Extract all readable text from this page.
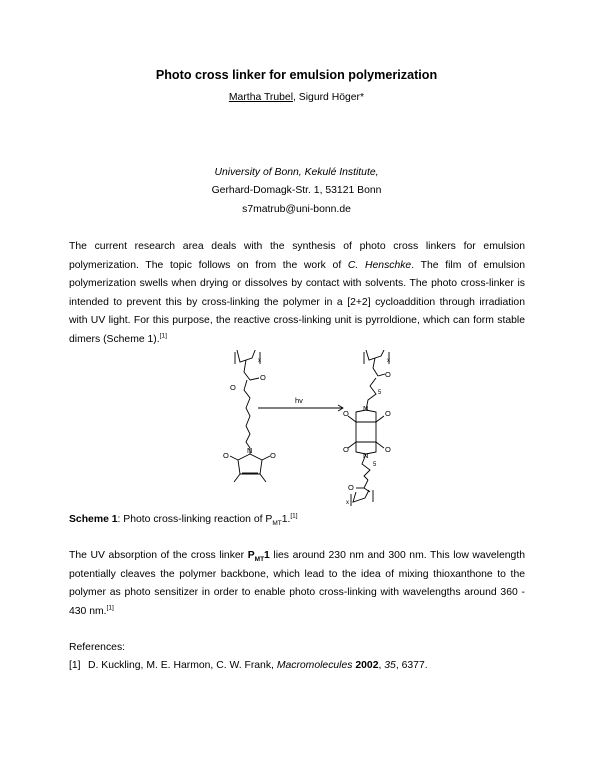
Photo cross linker for emulsion polymerization
Martha Trubel, Sigurd Höger*
University of Bonn, Kekulé Institute,
Gerhard-Domagk-Str. 1, 53121 Bonn
s7matrub@uni-bonn.de
The current research area deals with the synthesis of photo cross linkers for emulsion polymerization. The topic follows on from the work of C. Henschke. The film of emulsion polymerization swells when drying or dissolves by contact with solvents. The photo cross-linker is intended to prevent this by cross-linking the polymer in a [2+2] cycloaddition through irradiation with UV light. For this purpose, the reactive cross-linking unit is pyrroldione, which can form stable dimers (Scheme 1).[1]
O
O
N
O	O
x
hv
x
O
5
N
O	O
O	O
N
5
O
x
Scheme 1: Photo cross-linking reaction of $P_{MT}1.[1]$
The UV absorption of the cross linker $P_{MT}1$ lies around 230 nm and 300 nm. This low wavelength potentially cleaves the polymer backbone, which lead to the idea of mixing thioxanthone to the polymer as photo sensitizer in order to enable photo cross-linking with wavelengths around 360 - 430 nm.[1]
References:
[1] D. Kuckling, M. E. Harmon, C. W. Frank, Macromolecules 2002, 35, 6377.
